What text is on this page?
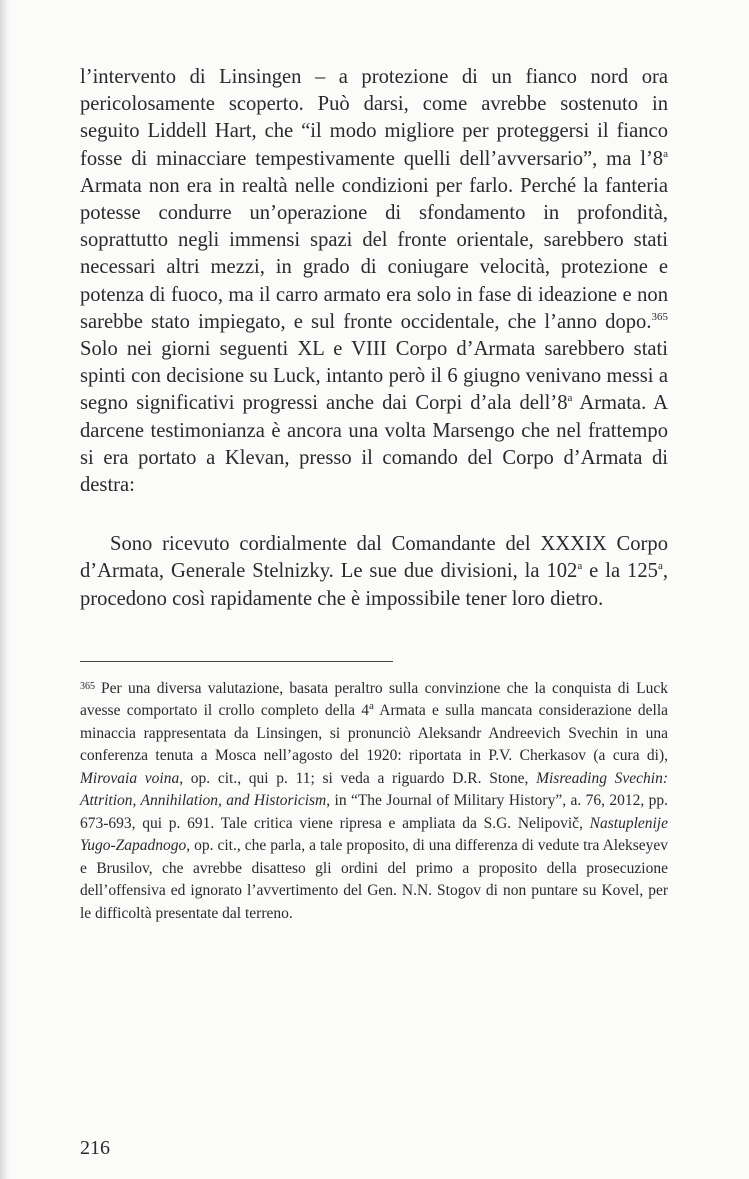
l’intervento di Linsingen – a protezione di un fianco nord ora pericolosamente scoperto. Può darsi, come avrebbe sostenuto in seguito Liddell Hart, che “il modo migliore per proteggersi il fianco fosse di minacciare tempestivamente quelli dell’avversario”, ma l’8$^a$ Armata non era in realtà nelle condizioni per farlo. Perché la fanteria potesse condurre un’operazione di sfondamento in profondità, soprattutto negli immensi spazi del fronte orientale, sarebbero stati necessari altri mezzi, in grado di coniugare velocità, protezione e potenza di fuoco, ma il carro armato era solo in fase di ideazione e non sarebbe stato impiegato, e sul fronte occidentale, che l’anno dopo.$^{365}$ Solo nei giorni seguenti XL e VIII Corpo d’Armata sarebbero stati spinti con decisione su Luck, intanto però il 6 giugno venivano messi a segno significativi progressi anche dai Corpi d’ala dell’8$^a$ Armata. A darcene testimonianza è ancora una volta Marsengo che nel frattempo si era portato a Klevan, presso il comando del Corpo d’Armata di destra:

Sono ricevuto cordialmente dal Comandante del XXXIX Corpo d’Armata, Generale Stelnizky. Le sue due divisioni, la 102$^a$ e la 125$^a$, procedono così rapidamente che è impossibile tener loro dietro.

$^{365}$ Per una diversa valutazione, basata peraltro sulla convinzione che la conquista di Luck avesse comportato il crollo completo della 4$^a$ Armata e sulla mancata considerazione della minaccia rappresentata da Linsingen, si pronunciò Aleksandr Andreevich Svechin in una conferenza tenuta a Mosca nell’agosto del 1920: riportata in P.V. Cherkasov (a cura di), Mirovaia voina, op. cit., qui p. 11; si veda a riguardo D.R. Stone, Misreading Svechin: Attrition, Annihilation, and Historicism, in “The Journal of Military History”, a. 76, 2012, pp. 673-693, qui p. 691. Tale critica viene ripresa e ampliata da S.G. Nelipovič, Nastuplenije Yugo-Zapadnogo, op. cit., che parla, a tale proposito, di una differenza di vedute tra Alekseyev e Brusilov, che avrebbe disatteso gli ordini del primo a proposito della prosecuzione dell’offensiva ed ignorato l’avvertimento del Gen. N.N. Stogov di non puntare su Kovel, per le difficoltà presentate dal terreno.

216
